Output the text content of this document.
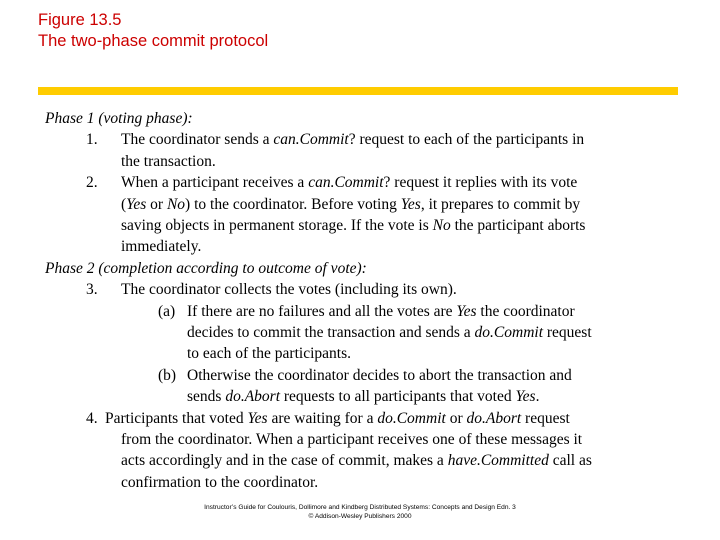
Figure 13.5
The two-phase commit protocol
Phase 1 (voting phase):
1. The coordinator sends a can.Commit? request to each of the participants in
the transaction.
2. When a participant receives a can.Commit? request it replies with its vote
(Yes or No) to the coordinator. Before voting Yes, it prepares to commit by
saving objects in permanent storage. If the vote is No the participant aborts
immediately.
Phase 2 (completion according to outcome of vote):
3. The coordinator collects the votes (including its own).
(a) If there are no failures and all the votes are Yes the coordinator
decides to commit the transaction and sends a do.Commit request
to each of the participants.
(b) Otherwise the coordinator decides to abort the transaction and
sends do.Abort requests to all participants that voted Yes.
4. Participants that voted Yes are waiting for a do.Commit or do.Abort request
from the coordinator. When a participant receives one of these messages it
acts accordingly and in the case of commit, makes a have.Committed call as
confirmation to the coordinator.
Instructor’s Guide for Coulouris, Dollimore and Kindberg Distributed Systems: Concepts and Design Edn. 3
© Addison-Wesley Publishers 2000
